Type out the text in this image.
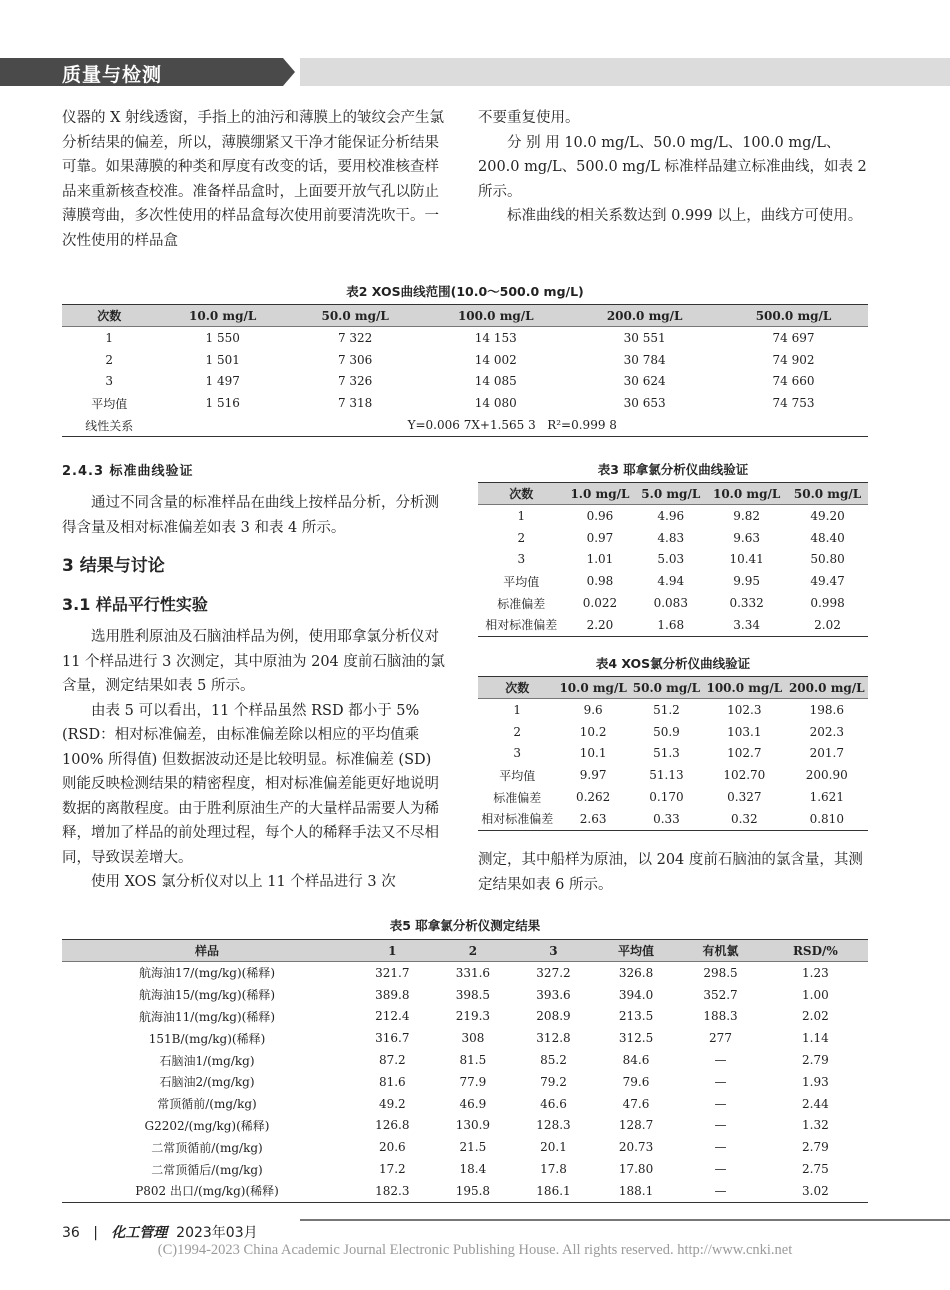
质量与检测

仪器的 X 射线透窗，手指上的油污和薄膜上的皱纹会产生氯分析结果的偏差，所以，薄膜绷紧又干净才能保证分析结果可靠。如果薄膜的种类和厚度有改变的话，要用校准核查样品来重新核查校准。准备样品盒时，上面要开放气孔以防止薄膜弯曲，多次性使用的样品盒每次使用前要清洗吹干。一次性使用的样品盒

不要重复使用。

分 别 用 10.0 mg/L、50.0 mg/L、100.0 mg/L、200.0 mg/L、500.0 mg/L 标准样品建立标准曲线，如表 2 所示。

标准曲线的相关系数达到 0.999 以上，曲线方可使用。

表2 XOS曲线范围(10.0～500.0 mg/L)
次数	10.0 mg/L	50.0 mg/L	100.0 mg/L	200.0 mg/L	500.0 mg/L
1	1 550	7 322	14 153	30 551	74 697
2	1 501	7 306	14 002	30 784	74 902
3	1 497	7 326	14 085	30 624	74 660
平均值	1 516	7 318	14 080	30 653	74 753
线性关系	Y=0.006 7X+1.565 3 R²=0.999 8				
2.4.3 标准曲线验证
通过不同含量的标准样品在曲线上按样品分析，分析测得含量及相对标准偏差如表 3 和表 4 所示。
3 结果与讨论
3.1 样品平行性实验

选用胜利原油及石脑油样品为例，使用耶拿氯分析仪对 11 个样品进行 3 次测定，其中原油为 204 度前石脑油的氯含量，测定结果如表 5 所示。

由表 5 可以看出，11 个样品虽然 RSD 都小于 5%(RSD：相对标准偏差，由标准偏差除以相应的平均值乘 100% 所得值) 但数据波动还是比较明显。标准偏差 (SD) 则能反映检测结果的精密程度，相对标准偏差能更好地说明数据的离散程度。由于胜利原油生产的大量样品需要人为稀释，增加了样品的前处理过程，每个人的稀释手法又不尽相同，导致误差增大。

使用 XOS 氯分析仪对以上 11 个样品进行 3 次

表3 耶拿氯分析仪曲线验证
次数	1.0 mg/L	5.0 mg/L	10.0 mg/L	50.0 mg/L
1	0.96	4.96	9.82	49.20
2	0.97	4.83	9.63	48.40
3	1.01	5.03	10.41	50.80
平均值	0.98	4.94	9.95	49.47
标准偏差	0.022	0.083	0.332	0.998
相对标准偏差	2.20	1.68	3.34	2.02
表4 XOS氯分析仪曲线验证
次数	10.0 mg/L	50.0 mg/L	100.0 mg/L	200.0 mg/L
1	9.6	51.2	102.3	198.6
2	10.2	50.9	103.1	202.3
3	10.1	51.3	102.7	201.7
平均值	9.97	51.13	102.70	200.90
标准偏差	0.262	0.170	0.327	1.621
相对标准偏差	2.63	0.33	0.32	0.810
测定，其中船样为原油，以 204 度前石脑油的氯含量，其测定结果如表 6 所示。
表5 耶拿氯分析仪测定结果
样品	1	2	3	平均值	有机氯	RSD/%
航海油17/(mg/kg)(稀释)	321.7	331.6	327.2	326.8	298.5	1.23
航海油15/(mg/kg)(稀释)	389.8	398.5	393.6	394.0	352.7	1.00
航海油11/(mg/kg)(稀释)	212.4	219.3	208.9	213.5	188.3	2.02
151B/(mg/kg)(稀释)	316.7	308	312.8	312.5	277	1.14
石脑油1/(mg/kg)	87.2	81.5	85.2	84.6	—	2.79
石脑油2/(mg/kg)	81.6	77.9	79.2	79.6	—	1.93
常顶循前/(mg/kg)	49.2	46.9	46.6	47.6	—	2.44
G2202/(mg/kg)(稀释)	126.8	130.9	128.3	128.7	—	1.32
二常顶循前/(mg/kg)	20.6	21.5	20.1	20.73	—	2.79
二常顶循后/(mg/kg)	17.2	18.4	17.8	17.80	—	2.75
P802 出口/(mg/kg)(稀释)	182.3	195.8	186.1	188.1	—	3.02
36 | 化工管理 2023年03月
(C)1994-2023 China Academic Journal Electronic Publishing House. All rights reserved. http://www.cnki.net
